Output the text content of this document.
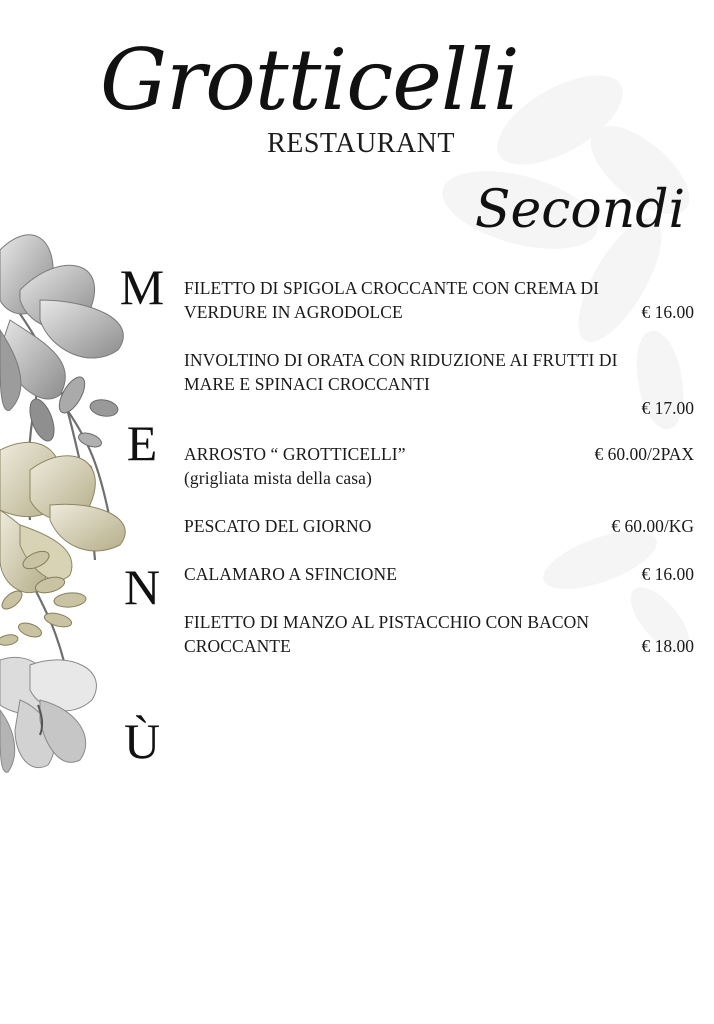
Grotticelli
RESTAURANT
Secondi
M
E
N
Ù
FILETTO DI SPIGOLA CROCCANTE CON CREMA DI
VERDURE IN AGRODOLCE	€ 16.00
INVOLTINO DI ORATA CON RIDUZIONE AI FRUTTI DI
MARE E SPINACI CROCCANTI
€ 17.00
ARROSTO “ GROTTICELLI”	€ 60.00/2PAX
(grigliata mista della casa)
PESCATO DEL GIORNO	€ 60.00/KG
CALAMARO A SFINCIONE	€ 16.00
FILETTO DI MANZO AL PISTACCHIO CON BACON
CROCCANTE	€ 18.00
